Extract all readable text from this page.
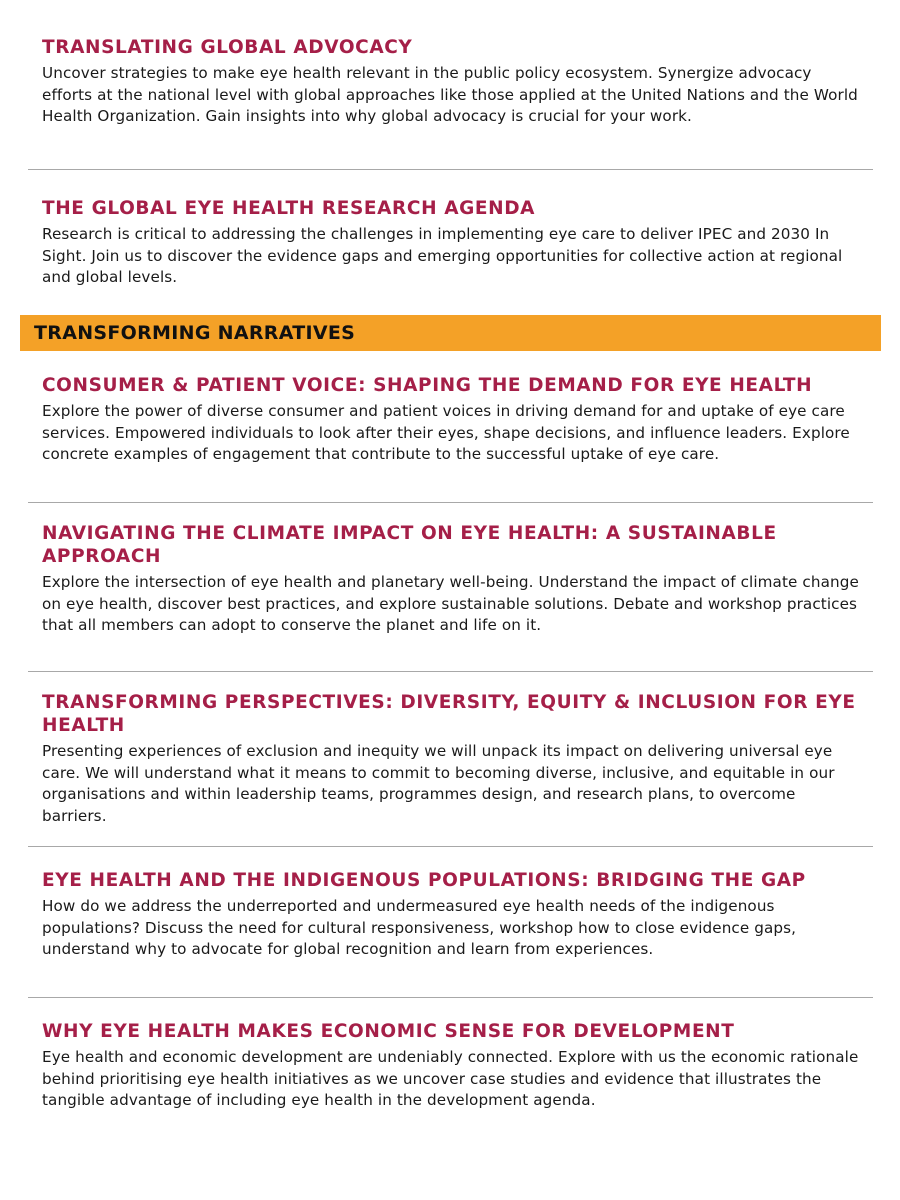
TRANSLATING GLOBAL ADVOCACY

Uncover strategies to make eye health relevant in the public policy ecosystem. Synergize advocacy efforts at the national level with global approaches like those applied at the United Nations and the World Health Organization. Gain insights into why global advocacy is crucial for your work.

THE GLOBAL EYE HEALTH RESEARCH AGENDA

Research is critical to addressing the challenges in implementing eye care to deliver IPEC and 2030 In Sight. Join us to discover the evidence gaps and emerging opportunities for collective action at regional and global levels.

TRANSFORMING NARRATIVES
CONSUMER & PATIENT VOICE: SHAPING THE DEMAND FOR EYE HEALTH

Explore the power of diverse consumer and patient voices in driving demand for and uptake of eye care services. Empowered individuals to look after their eyes, shape decisions, and influence leaders. Explore concrete examples of engagement that contribute to the successful uptake of eye care.

NAVIGATING THE CLIMATE IMPACT ON EYE HEALTH: A SUSTAINABLE APPROACH

Explore the intersection of eye health and planetary well-being. Understand the impact of climate change on eye health, discover best practices, and explore sustainable solutions. Debate and workshop practices that all members can adopt to conserve the planet and life on it.

TRANSFORMING PERSPECTIVES: DIVERSITY, EQUITY & INCLUSION FOR EYE HEALTH

Presenting experiences of exclusion and inequity we will unpack its impact on delivering universal eye care. We will understand what it means to commit to becoming diverse, inclusive, and equitable in our organisations and within leadership teams, programmes design, and research plans, to overcome barriers.

EYE HEALTH AND THE INDIGENOUS POPULATIONS: BRIDGING THE GAP

How do we address the underreported and undermeasured eye health needs of the indigenous populations? Discuss the need for cultural responsiveness, workshop how to close evidence gaps, understand why to advocate for global recognition and learn from experiences.

WHY EYE HEALTH MAKES ECONOMIC SENSE FOR DEVELOPMENT

Eye health and economic development are undeniably connected. Explore with us the economic rationale behind prioritising eye health initiatives as we uncover case studies and evidence that illustrates the tangible advantage of including eye health in the development agenda.
